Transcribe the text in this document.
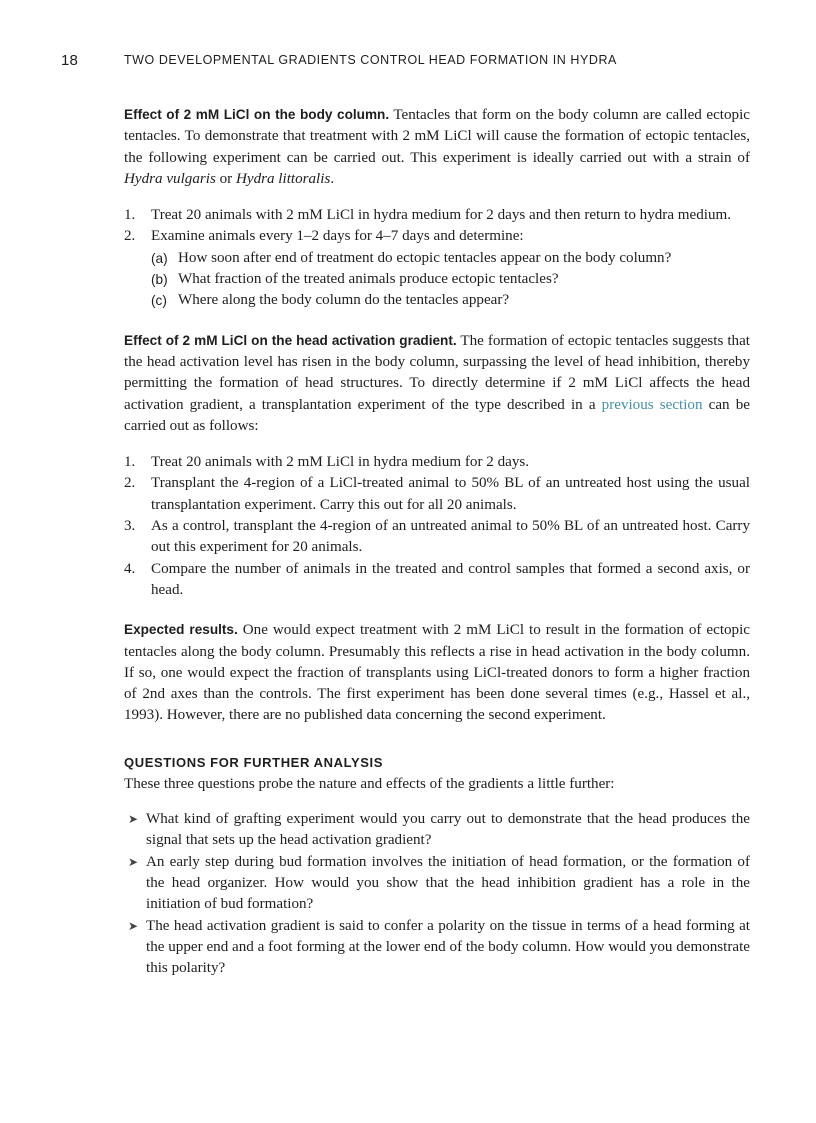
18	TWO DEVELOPMENTAL GRADIENTS CONTROL HEAD FORMATION IN HYDRA

Effect of 2 mM LiCl on the body column. Tentacles that form on the body column are called ectopic tentacles. To demonstrate that treatment with 2 mM LiCl will cause the formation of ectopic tentacles, the following experiment can be carried out. This experiment is ideally carried out with a strain of Hydra vulgaris or Hydra littoralis.

1. Treat 20 animals with 2 mM LiCl in hydra medium for 2 days and then return to hydra medium.
2. Examine animals every 1–2 days for 4–7 days and determine:
(a) How soon after end of treatment do ectopic tentacles appear on the body column?
(b) What fraction of the treated animals produce ectopic tentacles?
(c) Where along the body column do the tentacles appear?

Effect of 2 mM LiCl on the head activation gradient. The formation of ectopic tentacles suggests that the head activation level has risen in the body column, surpassing the level of head inhibition, thereby permitting the formation of head structures. To directly determine if 2 mM LiCl affects the head activation gradient, a transplantation experiment of the type described in a previous section can be carried out as follows:

1. Treat 20 animals with 2 mM LiCl in hydra medium for 2 days.
2. Transplant the 4-region of a LiCl-treated animal to 50% BL of an untreated host using the usual transplantation experiment. Carry this out for all 20 animals.
3. As a control, transplant the 4-region of an untreated animal to 50% BL of an untreated host. Carry out this experiment for 20 animals.
4. Compare the number of animals in the treated and control samples that formed a second axis, or head.

Expected results. One would expect treatment with 2 mM LiCl to result in the formation of ectopic tentacles along the body column. Presumably this reflects a rise in head activation in the body column. If so, one would expect the fraction of transplants using LiCl-treated donors to form a higher fraction of 2nd axes than the controls. The first experiment has been done several times (e.g., Hassel et al., 1993). However, there are no published data concerning the second experiment.

QUESTIONS FOR FURTHER ANALYSIS

These three questions probe the nature and effects of the gradients a little further:

➤ What kind of grafting experiment would you carry out to demonstrate that the head produces the signal that sets up the head activation gradient?
➤ An early step during bud formation involves the initiation of head formation, or the formation of the head organizer. How would you show that the head inhibition gradient has a role in the initiation of bud formation?
➤ The head activation gradient is said to confer a polarity on the tissue in terms of a head forming at the upper end and a foot forming at the lower end of the body column. How would you demonstrate this polarity?
